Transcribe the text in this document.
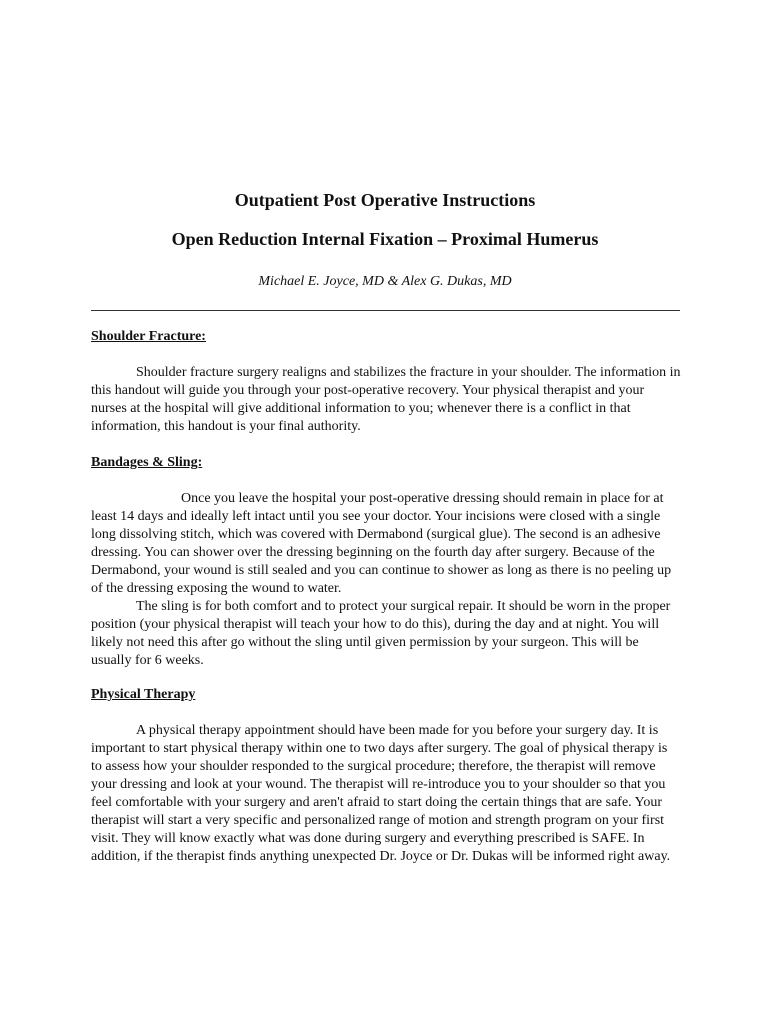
Outpatient Post Operative Instructions
Open Reduction Internal Fixation – Proximal Humerus

Michael E. Joyce, MD & Alex G. Dukas, MD

Shoulder Fracture:

Shoulder fracture surgery realigns and stabilizes the fracture in your shoulder. The information in this handout will guide you through your post-operative recovery. Your physical therapist and your nurses at the hospital will give additional information to you; whenever there is a conflict in that information, this handout is your final authority.

Bandages & Sling:

Once you leave the hospital your post-operative dressing should remain in place for at least 14 days and ideally left intact until you see your doctor. Your incisions were closed with a single long dissolving stitch, which was covered with Dermabond (surgical glue). The second is an adhesive dressing. You can shower over the dressing beginning on the fourth day after surgery. Because of the Dermabond, your wound is still sealed and you can continue to shower as long as there is no peeling up of the dressing exposing the wound to water.

The sling is for both comfort and to protect your surgical repair. It should be worn in the proper position (your physical therapist will teach your how to do this), during the day and at night. You will likely not need this after go without the sling until given permission by your surgeon. This will be usually for 6 weeks.

Physical Therapy

A physical therapy appointment should have been made for you before your surgery day. It is important to start physical therapy within one to two days after surgery. The goal of physical therapy is to assess how your shoulder responded to the surgical procedure; therefore, the therapist will remove your dressing and look at your wound. The therapist will re-introduce you to your shoulder so that you feel comfortable with your surgery and aren't afraid to start doing the certain things that are safe. Your therapist will start a very specific and personalized range of motion and strength program on your first visit. They will know exactly what was done during surgery and everything prescribed is SAFE. In addition, if the therapist finds anything unexpected Dr. Joyce or Dr. Dukas will be informed right away.
